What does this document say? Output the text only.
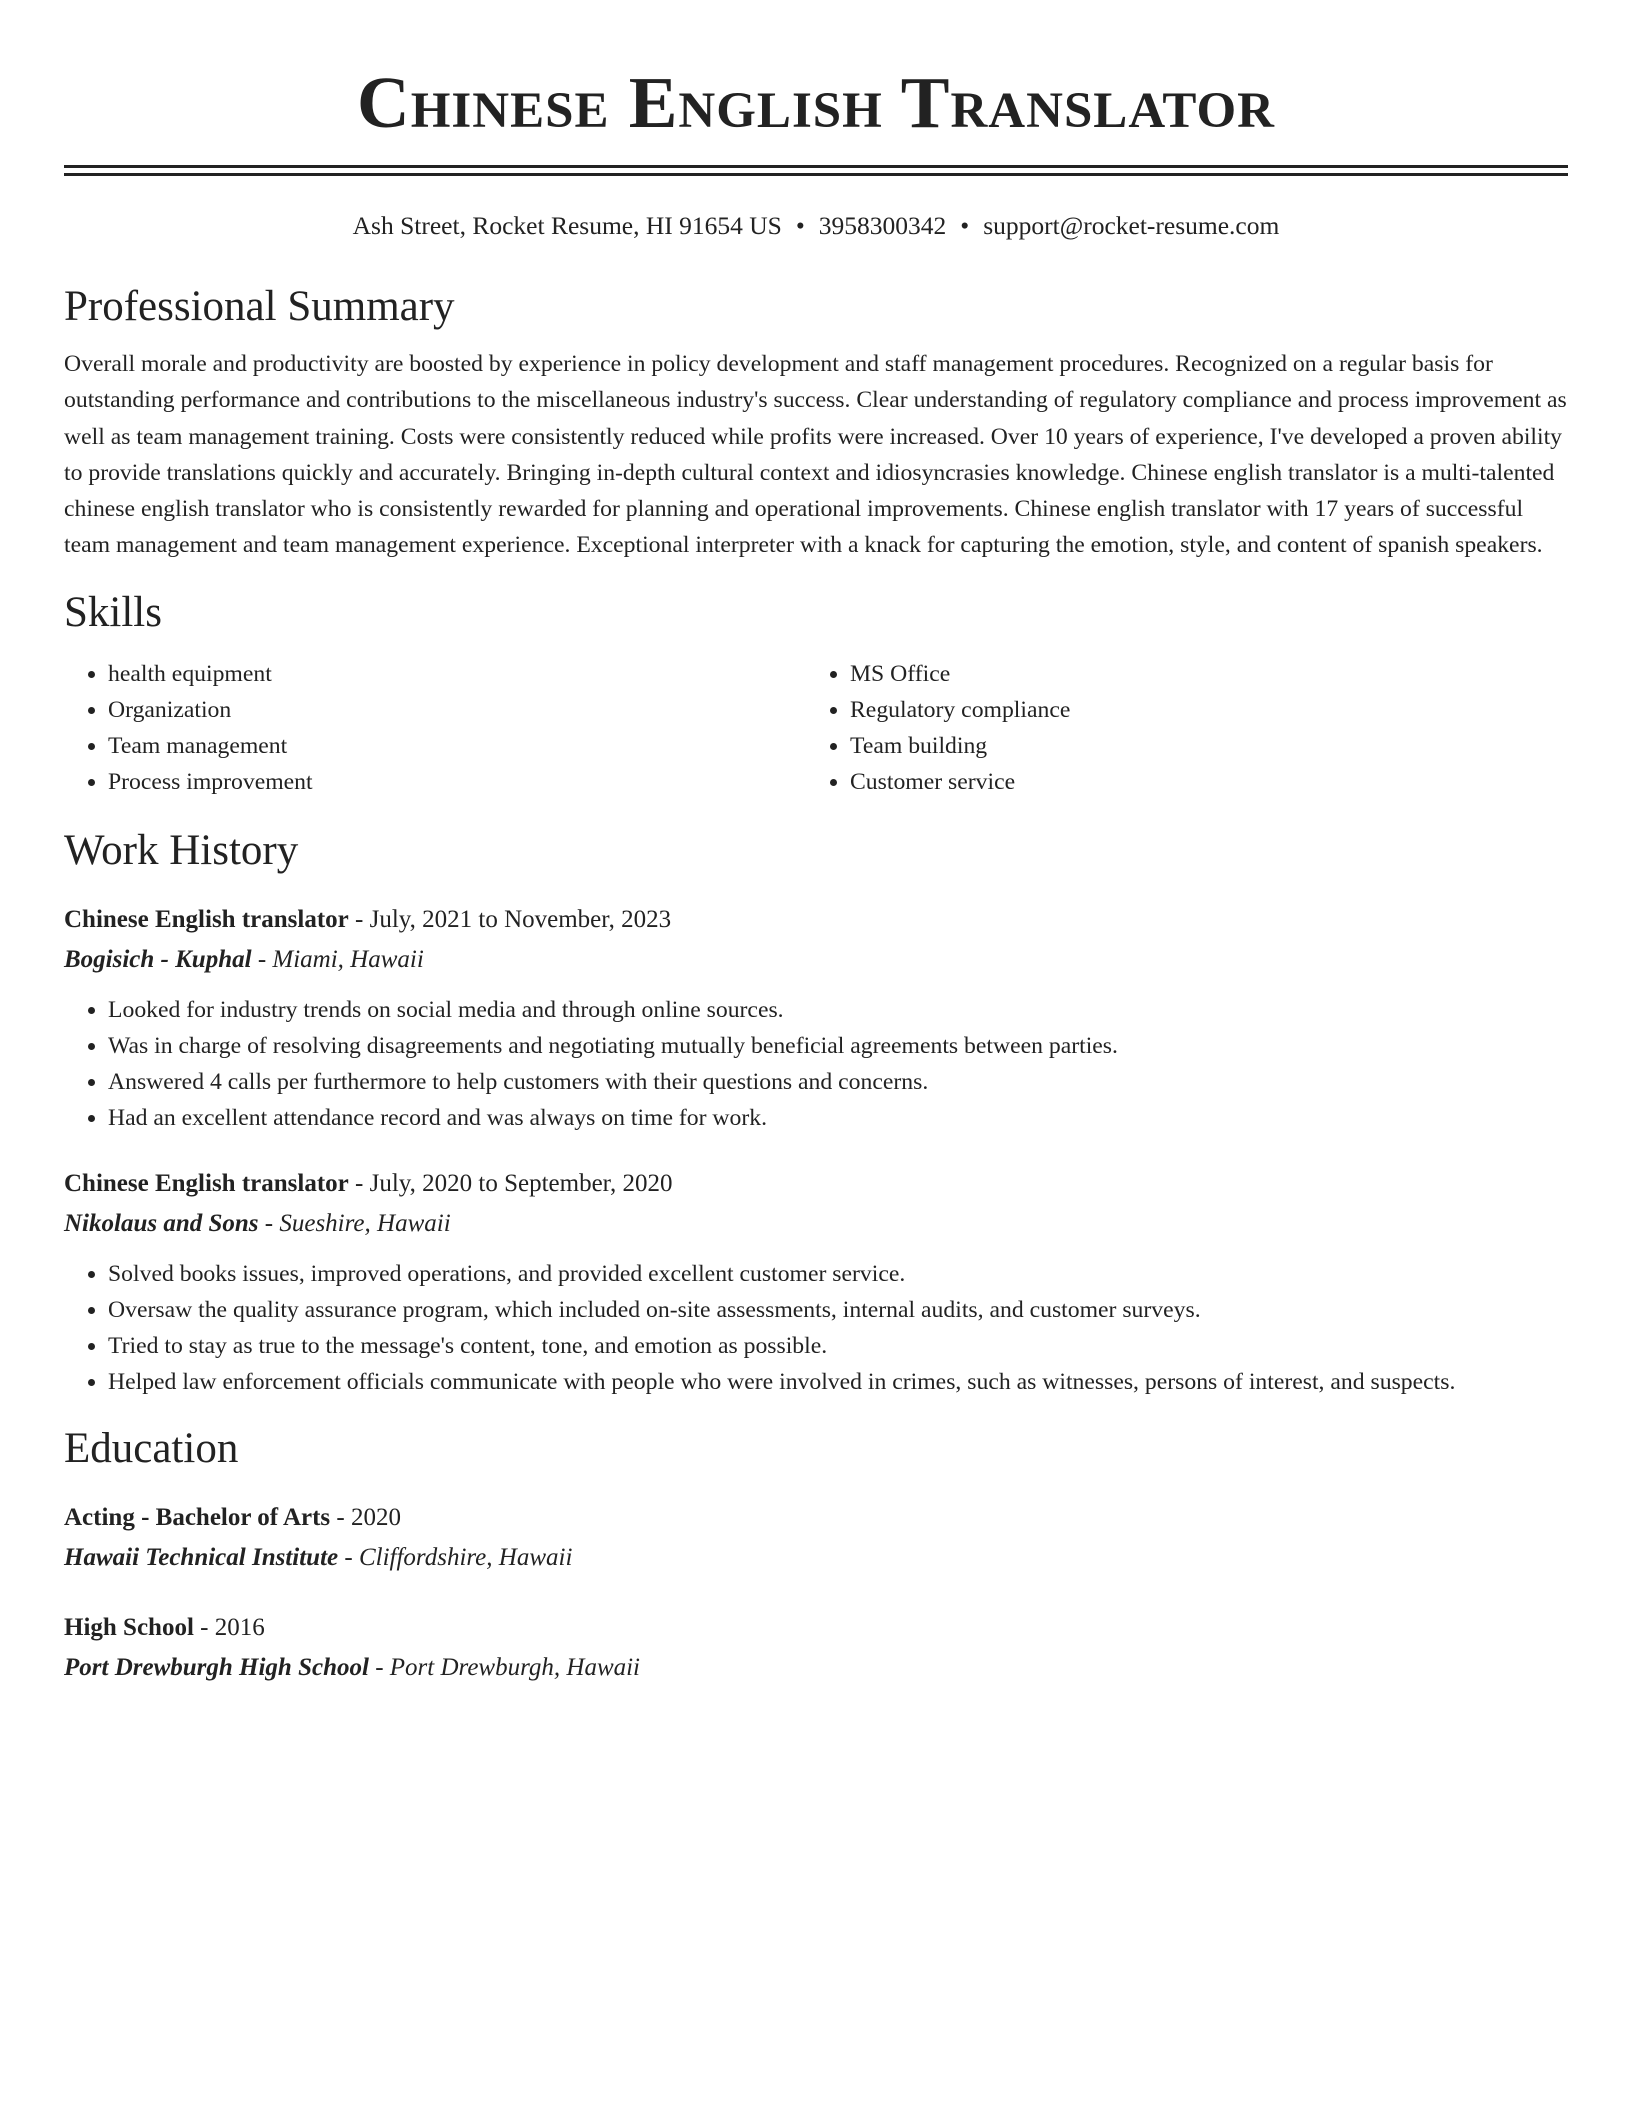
Chinese English Translator
Ash Street, Rocket Resume, HI 91654 US • 3958300342 • support@rocket-resume.com
Professional Summary
Overall morale and productivity are boosted by experience in policy development and staff management procedures. Recognized on a regular basis for outstanding performance and contributions to the miscellaneous industry's success. Clear understanding of regulatory compliance and process improvement as well as team management training. Costs were consistently reduced while profits were increased. Over 10 years of experience, I've developed a proven ability to provide translations quickly and accurately. Bringing in-depth cultural context and idiosyncrasies knowledge. Chinese english translator is a multi-talented chinese english translator who is consistently rewarded for planning and operational improvements. Chinese english translator with 17 years of successful team management and team management experience. Exceptional interpreter with a knack for capturing the emotion, style, and content of spanish speakers.
Skills
• health equipment
• Organization
• Team management
• Process improvement
• MS Office
• Regulatory compliance
• Team building
• Customer service
Work History
Chinese English translator - July, 2021 to November, 2023
Bogisich - Kuphal - Miami, Hawaii
• Looked for industry trends on social media and through online sources.
• Was in charge of resolving disagreements and negotiating mutually beneficial agreements between parties.
• Answered 4 calls per furthermore to help customers with their questions and concerns.
• Had an excellent attendance record and was always on time for work.
Chinese English translator - July, 2020 to September, 2020
Nikolaus and Sons - Sueshire, Hawaii
• Solved books issues, improved operations, and provided excellent customer service.
• Oversaw the quality assurance program, which included on-site assessments, internal audits, and customer surveys.
• Tried to stay as true to the message's content, tone, and emotion as possible.
• Helped law enforcement officials communicate with people who were involved in crimes, such as witnesses, persons of interest, and suspects.
Education
Acting - Bachelor of Arts - 2020
Hawaii Technical Institute - Cliffordshire, Hawaii
High School - 2016
Port Drewburgh High School - Port Drewburgh, Hawaii
